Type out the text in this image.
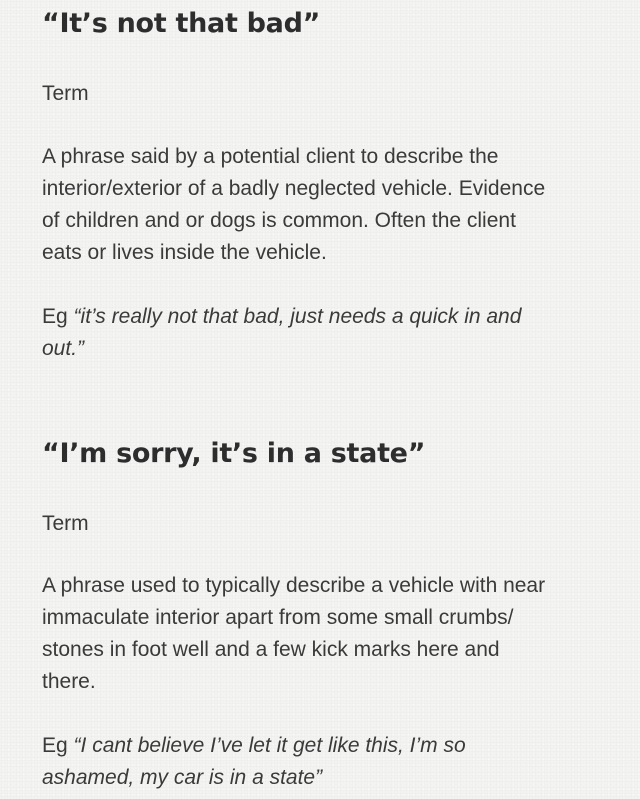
“It’s not that bad”

Term

A phrase said by a potential client to describe the
interior/exterior of a badly neglected vehicle. Evidence
of children and or dogs is common. Often the client
eats or lives inside the vehicle.

Eg “it’s really not that bad, just needs a quick in and
out.”

“I’m sorry, it’s in a state”

Term

A phrase used to typically describe a vehicle with near
immaculate interior apart from some small crumbs/
stones in foot well and a few kick marks here and
there.

Eg “I cant believe I’ve let it get like this, I’m so
ashamed, my car is in a state”
